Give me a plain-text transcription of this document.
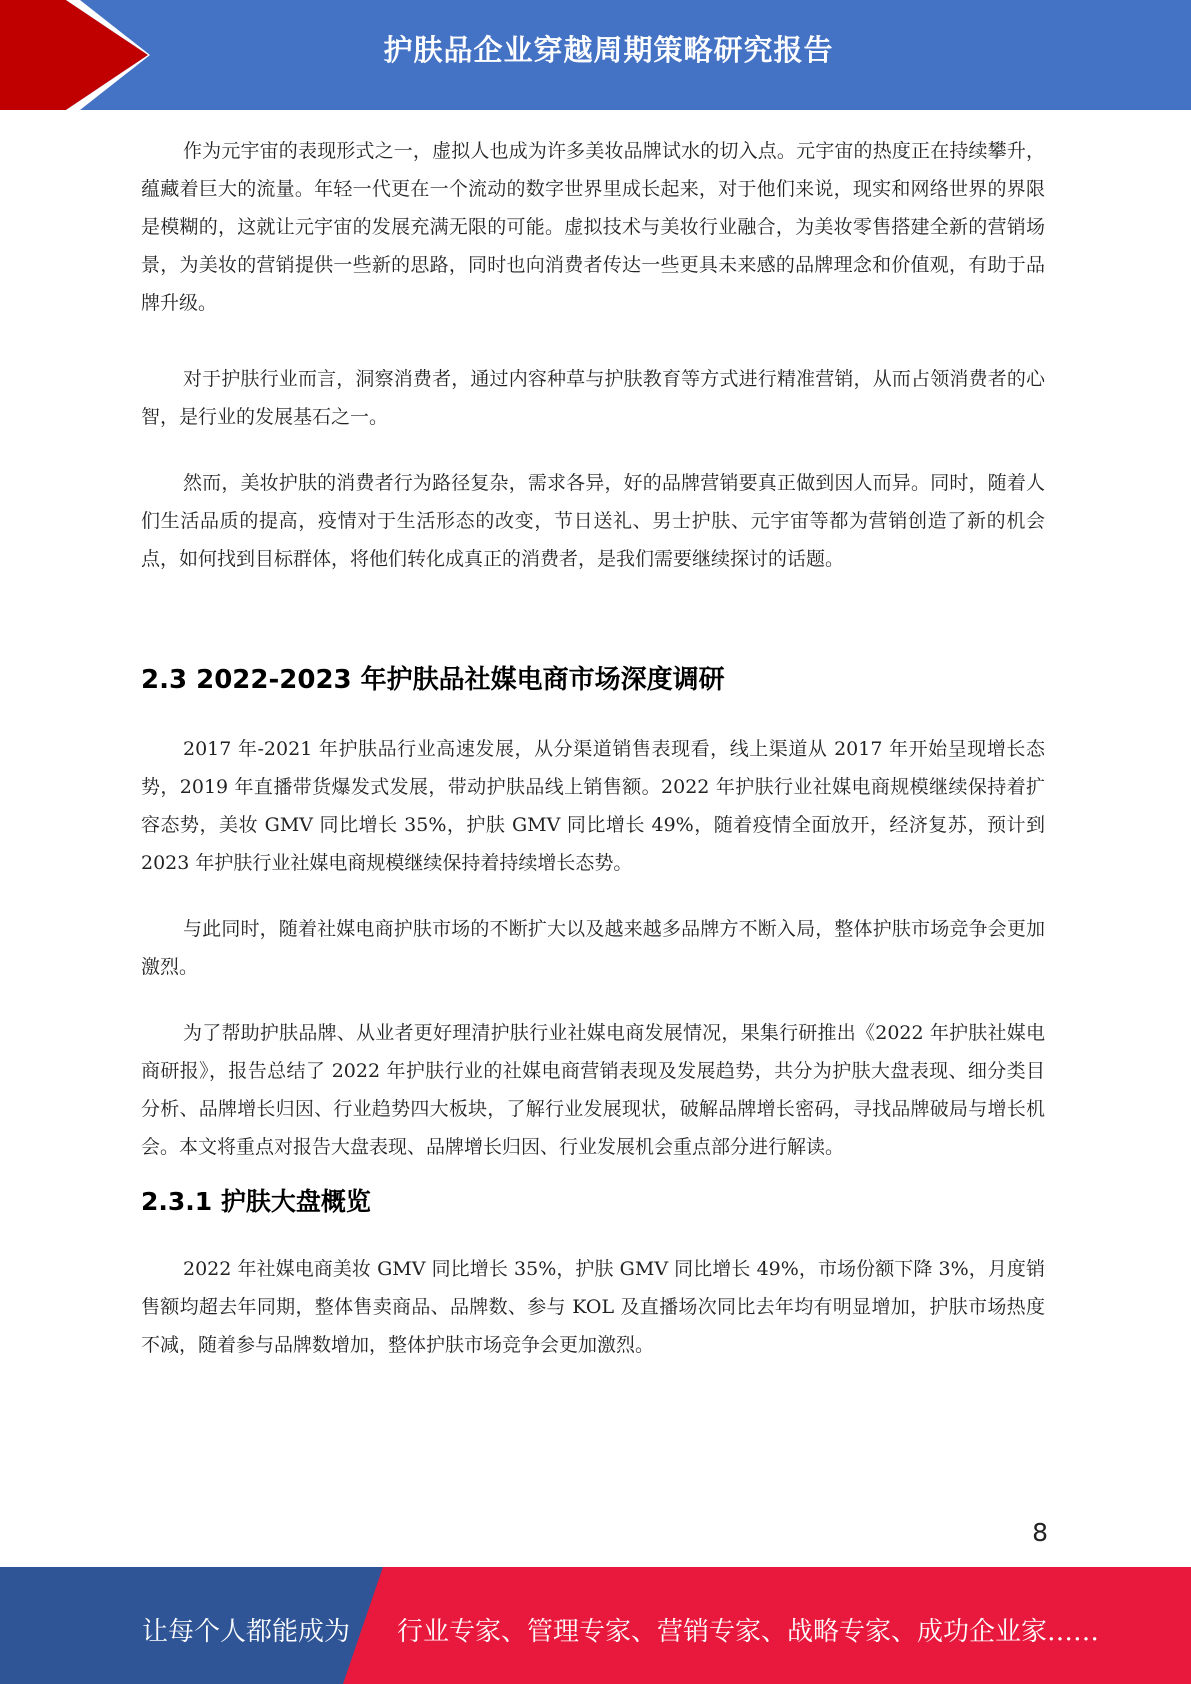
护肤品企业穿越周期策略研究报告

作为元宇宙的表现形式之一，虚拟人也成为许多美妆品牌试水的切入点。元宇宙的热度正在持续攀升，蕴藏着巨大的流量。年轻一代更在一个流动的数字世界里成长起来，对于他们来说，现实和网络世界的界限是模糊的，这就让元宇宙的发展充满无限的可能。虚拟技术与美妆行业融合，为美妆零售搭建全新的营销场景，为美妆的营销提供一些新的思路，同时也向消费者传达一些更具未来感的品牌理念和价值观，有助于品牌升级。

对于护肤行业而言，洞察消费者，通过内容种草与护肤教育等方式进行精准营销，从而占领消费者的心智，是行业的发展基石之一。

然而，美妆护肤的消费者行为路径复杂，需求各异，好的品牌营销要真正做到因人而异。同时，随着人们生活品质的提高，疫情对于生活形态的改变，节日送礼、男士护肤、元宇宙等都为营销创造了新的机会点，如何找到目标群体，将他们转化成真正的消费者，是我们需要继续探讨的话题。

2.3 2022-2023 年护肤品社媒电商市场深度调研

2017 年-2021 年护肤品行业高速发展，从分渠道销售表现看，线上渠道从 2017 年开始呈现增长态势，2019 年直播带货爆发式发展，带动护肤品线上销售额。2022 年护肤行业社媒电商规模继续保持着扩容态势，美妆 GMV 同比增长 35%，护肤 GMV 同比增长 49%，随着疫情全面放开，经济复苏，预计到 2023 年护肤行业社媒电商规模继续保持着持续增长态势。

与此同时，随着社媒电商护肤市场的不断扩大以及越来越多品牌方不断入局，整体护肤市场竞争会更加激烈。

为了帮助护肤品牌、从业者更好理清护肤行业社媒电商发展情况，果集行研推出《2022 年护肤社媒电商研报》，报告总结了 2022 年护肤行业的社媒电商营销表现及发展趋势，共分为护肤大盘表现、细分类目分析、品牌增长归因、行业趋势四大板块，了解行业发展现状，破解品牌增长密码，寻找品牌破局与增长机会。本文将重点对报告大盘表现、品牌增长归因、行业发展机会重点部分进行解读。

2.3.1 护肤大盘概览

2022 年社媒电商美妆 GMV 同比增长 35%，护肤 GMV 同比增长 49%，市场份额下降 3%，月度销售额均超去年同期，整体售卖商品、品牌数、参与 KOL 及直播场次同比去年均有明显增加，护肤市场热度不减，随着参与品牌数增加，整体护肤市场竞争会更加激烈。

8
让每个人都能成为 行业专家、管理专家、营销专家、战略专家、成功企业家……
